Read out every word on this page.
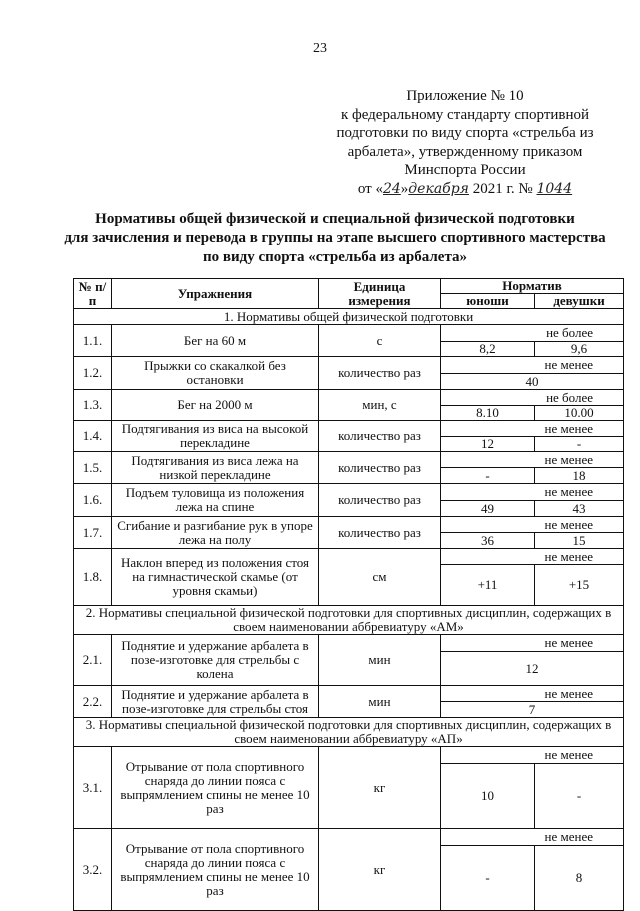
23
Приложение № 10
к федеральному стандарту спортивной
подготовки по виду спорта «стрельба из
арбалета», утвержденному приказом
Минспорта России
от «24»декабря 2021 г. № 1044
Нормативы общей физической и специальной физической подготовки
для зачисления и перевода в группы на этапе высшего спортивного мастерства
по виду спорта «стрельба из арбалета»
№ п/п	Упражнения	Единица измерения	Норматив	
			юноши	девушки
1. Нормативы общей физической подготовки				
1.1.	Бег на 60 м	с	не более	
			8,2	9,6
1.2.	Прыжки со скакалкой без остановки	количество раз	не менее	
			40	
1.3.	Бег на 2000 м	мин, с	не более	
			8.10	10.00
1.4.	Подтягивания из виса на высокой перекладине	количество раз	не менее	
			12	-
1.5.	Подтягивания из виса лежа на низкой перекладине	количество раз	не менее	
			-	18
1.6.	Подъем туловища из положения лежа на спине	количество раз	не менее	
			49	43
1.7.	Сгибание и разгибание рук в упоре лежа на полу	количество раз	не менее	
			36	15
1.8.	Наклон вперед из положения стоя на гимнастической скамье (от уровня скамьи)	см	не менее	
			+11	+15
2. Нормативы специальной физической подготовки для спортивных дисциплин, содержащих в своем наименовании аббревиатуру «АМ»				
2.1.	Поднятие и удержание арбалета в позе-изготовке для стрельбы с колена	мин	не менее	
			12	
2.2.	Поднятие и удержание арбалета в позе-изготовке для стрельбы стоя	мин	не менее	
			7	
3. Нормативы специальной физической подготовки для спортивных дисциплин, содержащих в своем наименовании аббревиатуру «АП»				
3.1.	Отрывание от пола спортивного снаряда до линии пояса с выпрямлением спины не менее 10 раз	кг	не менее	
			10	-
3.2.	Отрывание от пола спортивного снаряда до линии пояса с выпрямлением спины не менее 10 раз	кг	не менее	
			-	8
